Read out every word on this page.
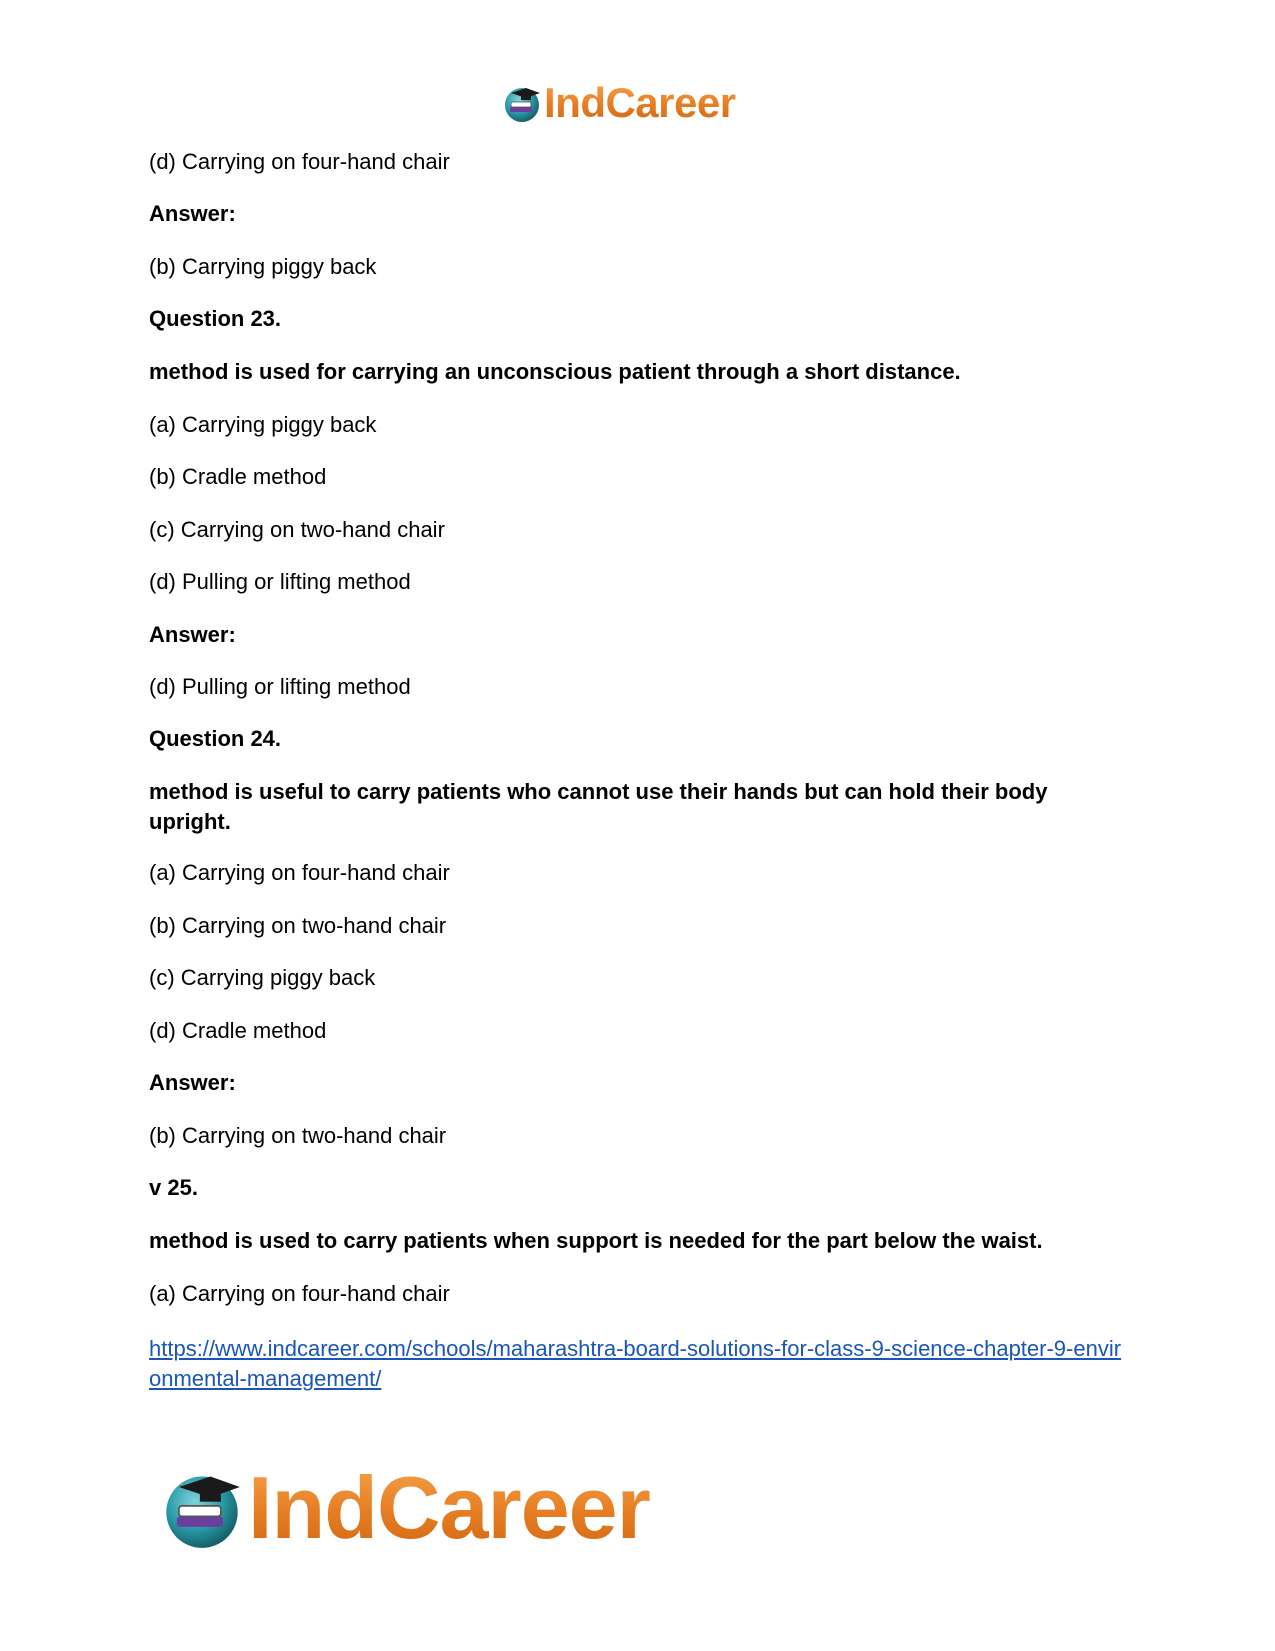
IndCareer

(d) Carrying on four-hand chair

Answer:

(b) Carrying piggy back

Question 23.

method is used for carrying an unconscious patient through a short distance.

(a) Carrying piggy back

(b) Cradle method

(c) Carrying on two-hand chair

(d) Pulling or lifting method

Answer:

(d) Pulling or lifting method

Question 24.

method is useful to carry patients who cannot use their hands but can hold their body upright.

(a) Carrying on four-hand chair

(b) Carrying on two-hand chair

(c) Carrying piggy back

(d) Cradle method

Answer:

(b) Carrying on two-hand chair

v 25.

method is used to carry patients when support is needed for the part below the waist.

(a) Carrying on four-hand chair

https://www.indcareer.com/schools/maharashtra-board-solutions-for-class-9-science-chapter-9-environmental-management/
IndCareer
